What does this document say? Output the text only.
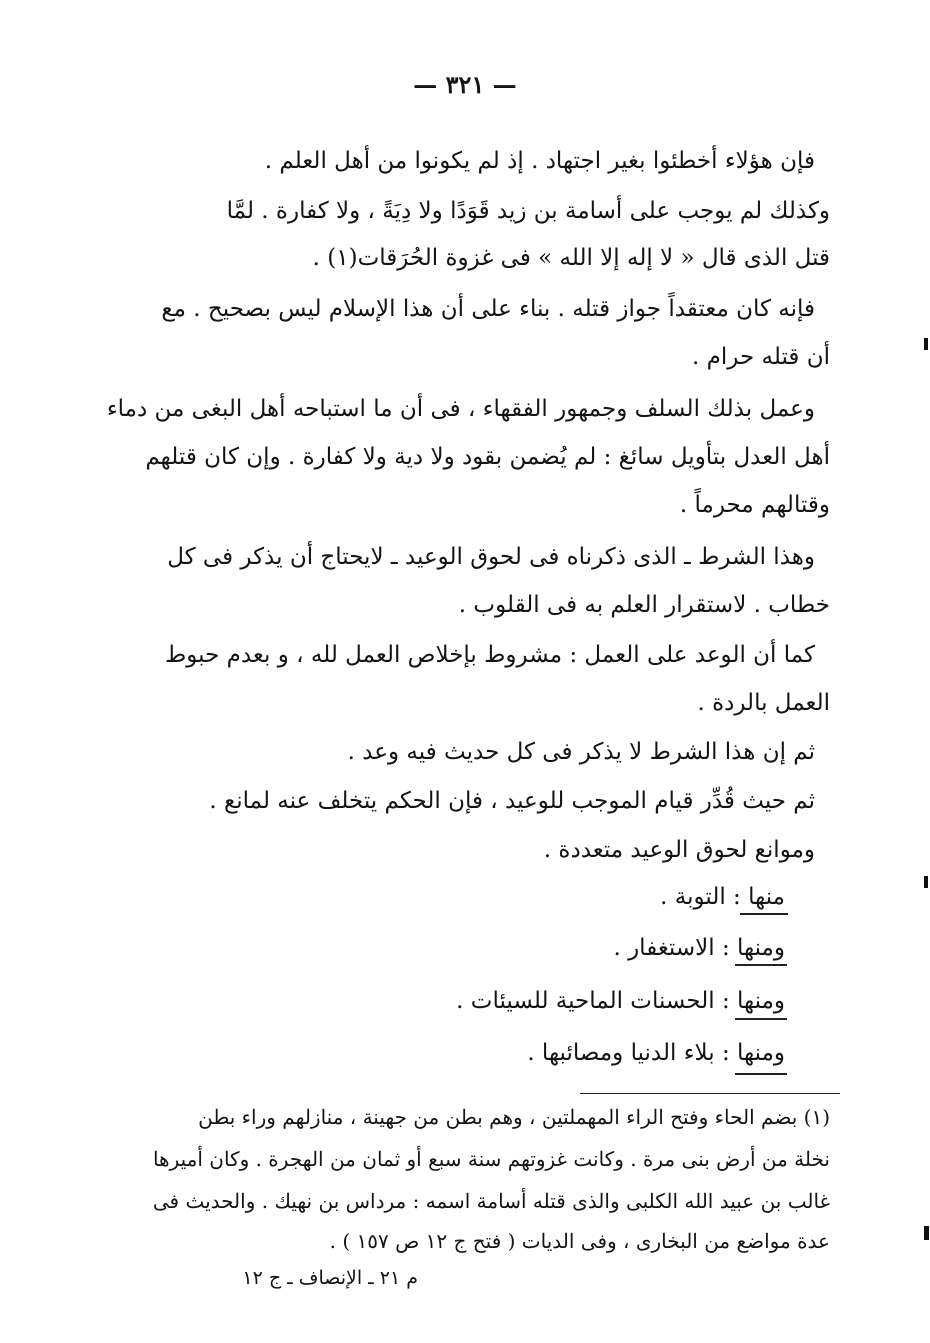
— ٣٢١ —

فإن هؤلاء أخطئوا بغير اجتهاد . إذ لم يكونوا من أهل العلم .

وكذلك لم يوجب على أسامة بن زيد قَوَدًا ولا دِيَةً ، ولا كفارة . لمَّا

قتل الذى قال « لا إله إلا الله » فى غزوة الحُرَقات(١) .

فإنه كان معتقداً جواز قتله . بناء على أن هذا الإسلام ليس بصحيح . مع

أن قتله حرام .

وعمل بذلك السلف وجمهور الفقهاء ، فى أن ما استباحه أهل البغى من دماء

أهل العدل بتأويل سائغ : لم يُضمن بقود ولا دية ولا كفارة . وإن كان قتلهم

وقتالهم محرماً .

وهذا الشرط ـ الذى ذكرناه فى لحوق الوعيد ـ لايحتاج أن يذكر فى كل

خطاب . لاستقرار العلم به فى القلوب .

كما أن الوعد على العمل : مشروط بإخلاص العمل لله ، و بعدم حبوط

العمل بالردة .

ثم إن هذا الشرط لا يذكر فى كل حديث فيه وعد .

ثم حيث قُدِّر قيام الموجب للوعيد ، فإن الحكم يتخلف عنه لمانع .

وموانع لحوق الوعيد متعددة .

منها : التوبة .

ومنها : الاستغفار .

ومنها : الحسنات الماحية للسيئات .

ومنها : بلاء الدنيا ومصائبها .

(١) بضم الحاء وفتح الراء المهملتين ، وهم بطن من جهينة ، منازلهم وراء بطن

نخلة من أرض بنى مرة . وكانت غزوتهم سنة سبع أو ثمان من الهجرة . وكان أميرها

غالب بن عبيد الله الكلبى والذى قتله أسامة اسمه : مرداس بن نهيك . والحديث فى

عدة مواضع من البخارى ، وفى الديات ( فتح ج ١٢ ص ١٥٧ ) .

م ٢١ ـ الإنصاف ـ ج ١٢
